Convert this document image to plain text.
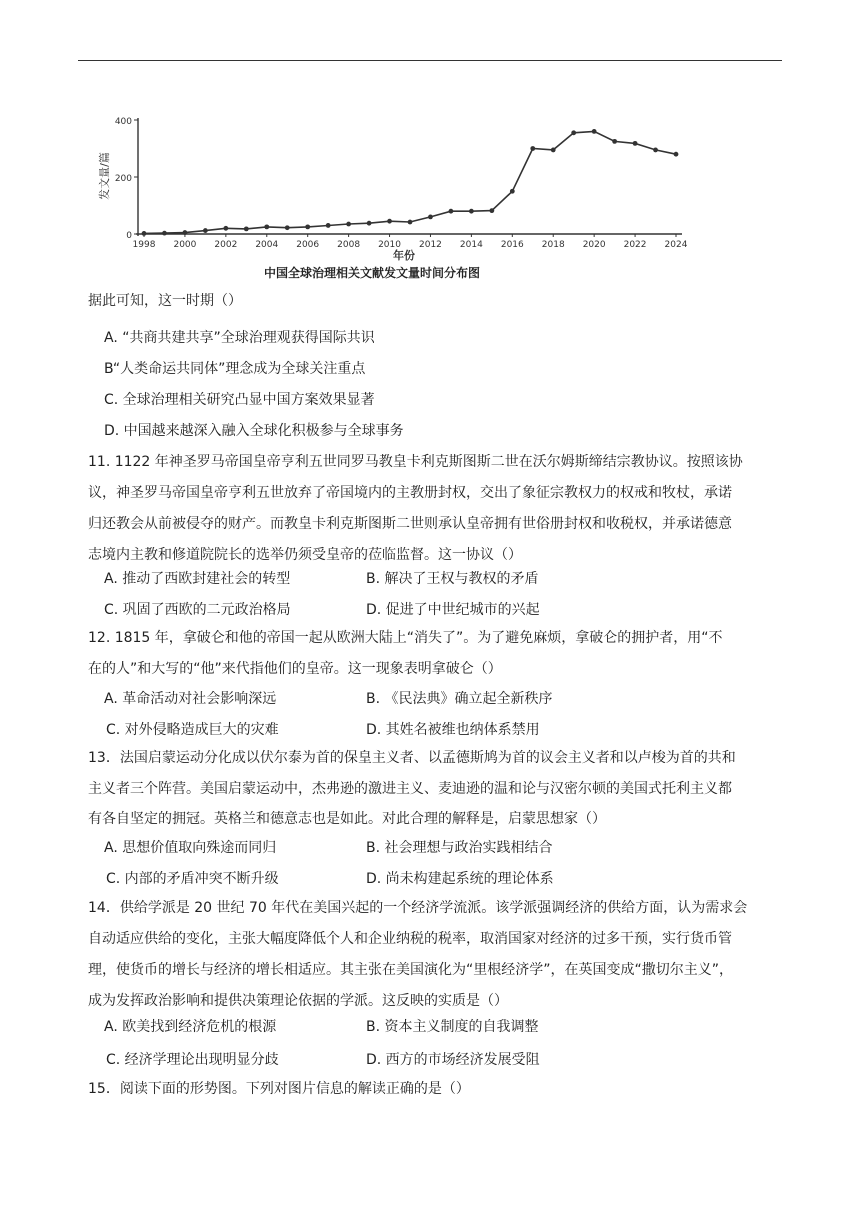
0
200
400
1998 2000 2002 2004 2006 2008 2010 2012 2014 2016 2018 2020 2022 2024
发文量/篇
年份
中国全球治理相关文献发文量时间分布图
据此可知，这一时期（）
A. “共商共建共享”全球治理观获得国际共识
B“人类命运共同体”理念成为全球关注重点
C. 全球治理相关研究凸显中国方案效果显著
D. 中国越来越深入融入全球化积极参与全球事务
11. 1122 年神圣罗马帝国皇帝亨利五世同罗马教皇卡利克斯图斯二世在沃尔姆斯缔结宗教协议。按照该协
议，神圣罗马帝国皇帝亨利五世放弃了帝国境内的主教册封权，交出了象征宗教权力的权戒和牧杖，承诺
归还教会从前被侵夺的财产。而教皇卡利克斯图斯二世则承认皇帝拥有世俗册封权和收税权，并承诺德意
志境内主教和修道院院长的选举仍须受皇帝的莅临监督。这一协议（）
A. 推动了西欧封建社会的转型	B. 解决了王权与教权的矛盾
C. 巩固了西欧的二元政治格局	D. 促进了中世纪城市的兴起
12. 1815 年，拿破仑和他的帝国一起从欧洲大陆上“消失了”。为了避免麻烦，拿破仑的拥护者，用“不
在的人”和大写的“他”来代指他们的皇帝。这一现象表明拿破仑（）
A. 革命活动对社会影响深远	B. 《民法典》确立起全新秩序
C. 对外侵略造成巨大的灾难	D. 其姓名被维也纳体系禁用
13．法国启蒙运动分化成以伏尔泰为首的保皇主义者、以孟德斯鸠为首的议会主义者和以卢梭为首的共和
主义者三个阵营。美国启蒙运动中，杰弗逊的激进主义、麦迪逊的温和论与汉密尔顿的美国式托利主义都
有各自坚定的拥冠。英格兰和德意志也是如此。对此合理的解释是，启蒙思想家（）
A. 思想价值取向殊途而同归	B. 社会理想与政治实践相结合
C. 内部的矛盾冲突不断升级	D. 尚未构建起系统的理论体系
14．供给学派是 20 世纪 70 年代在美国兴起的一个经济学流派。该学派强调经济的供给方面，认为需求会
自动适应供给的变化，主张大幅度降低个人和企业纳税的税率，取消国家对经济的过多干预，实行货币管
理，使货币的增长与经济的增长相适应。其主张在美国演化为“里根经济学”，在英国变成“撒切尔主义”，
成为发挥政治影响和提供决策理论依据的学派。这反映的实质是（）
A. 欧美找到经济危机的根源	B. 资本主义制度的自我调整
C. 经济学理论出现明显分歧	D. 西方的市场经济发展受阻
15．阅读下面的形势图。下列对图片信息的解读正确的是（）
